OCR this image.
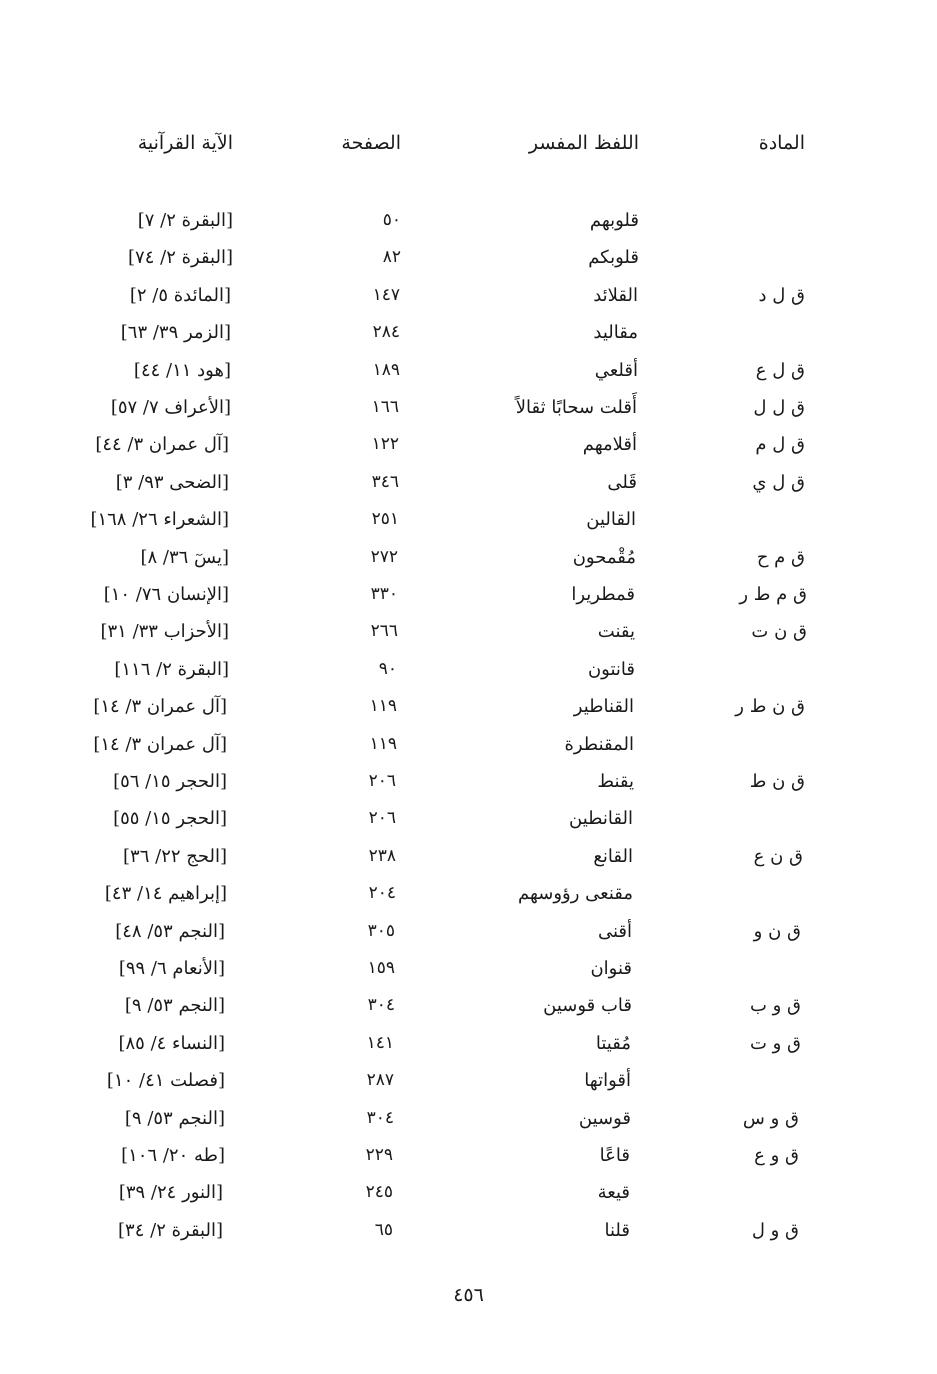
المادة
اللفظ المفسر
الصفحة
الآية القرآنية
قلوبهم
٥٠
[البقرة ٢/ ٧]
قلوبكم
٨٢
[البقرة ٢/ ٧٤]
ق ل د
القلائد
١٤٧
[المائدة ٥/ ٢]
مقاليد
٢٨٤
[الزمر ٣٩/ ٦٣]
ق ل ع
أقلعي
١٨٩
[هود ١١/ ٤٤]
ق ل ل
أَقلت سحابًا ثقالاً
١٦٦
[الأعراف ٧/ ٥٧]
ق ل م
أقلامهم
١٢٢
[آل عمران ٣/ ٤٤]
ق ل ي
قَلى
٣٤٦
[الضحى ٩٣/ ٣]
القالين
٢٥١
[الشعراء ٢٦/ ١٦٨]
ق م ح
مُقْمحون
٢٧٢
[يسٓ ٣٦/ ٨]
ق م ط ر
قمطريرا
٣٣٠
[الإنسان ٧٦/ ١٠]
ق ن ت
يقنت
٢٦٦
[الأحزاب ٣٣/ ٣١]
قانتون
٩٠
[البقرة ٢/ ١١٦]
ق ن ط ر
القناطير
١١٩
[آل عمران ٣/ ١٤]
المقنطرة
١١٩
[آل عمران ٣/ ١٤]
ق ن ط
يقنط
٢٠٦
[الحجر ١٥/ ٥٦]
القانطين
٢٠٦
[الحجر ١٥/ ٥٥]
ق ن ع
القانع
٢٣٨
[الحج ٢٢/ ٣٦]
مقنعى رؤوسهم
٢٠٤
[إبراهيم ١٤/ ٤٣]
ق ن و
أقنى
٣٠٥
[النجم ٥٣/ ٤٨]
قنوان
١٥٩
[الأنعام ٦/ ٩٩]
ق و ب
قاب قوسين
٣٠٤
[النجم ٥٣/ ٩]
ق و ت
مُقيتا
١٤١
[النساء ٤/ ٨٥]
أقواتها
٢٨٧
[فصلت ٤١/ ١٠]
ق و س
قوسين
٣٠٤
[النجم ٥٣/ ٩]
ق و ع
قاعًا
٢٢٩
[طه ٢٠/ ١٠٦]
قيعة
٢٤٥
[النور ٢٤/ ٣٩]
ق و ل
قلنا
٦٥
[البقرة ٢/ ٣٤]
٤٥٦
